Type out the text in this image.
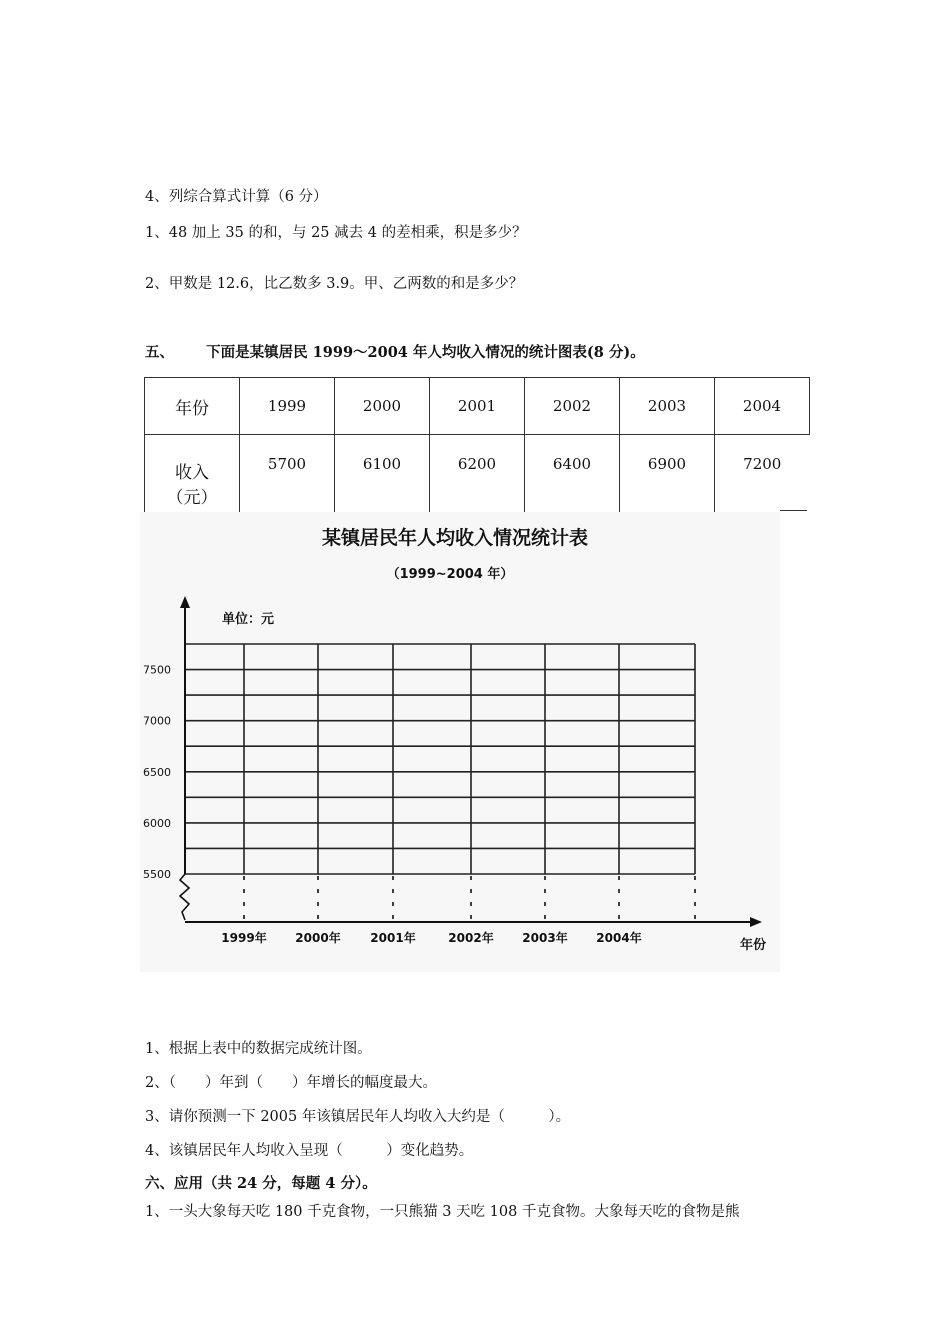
4、列综合算式计算（6 分）
1、48 加上 35 的和，与 25 减去 4 的差相乘，积是多少？
2、甲数是 12.6，比乙数多 3.9。甲、乙两数的和是多少？
五、 下面是某镇居民 1999～2004 年人均收入情况的统计图表(8 分)。
年份	1999	2000	2001	2002	2003	2004

收入
（元）	5700	6100	6200	6400	6900	7200
某镇居民年人均收入情况统计表
（1999~2004 年）
单位：元
年份
7500
7000
6500
6000
5500
1999年 2000年 2001年	2002年 2003年 2004年
1、根据上表中的数据完成统计图。
2、（　　）年到（　　）年增长的幅度最大。
3、请你预测一下 2005 年该镇居民年人均收入大约是（　　　）。
4、该镇居民年人均收入呈现（　　　）变化趋势。
六、应用（共 24 分，每题 4 分）。
1、一头大象每天吃 180 千克食物，一只熊猫 3 天吃 108 千克食物。大象每天吃的食物是熊
